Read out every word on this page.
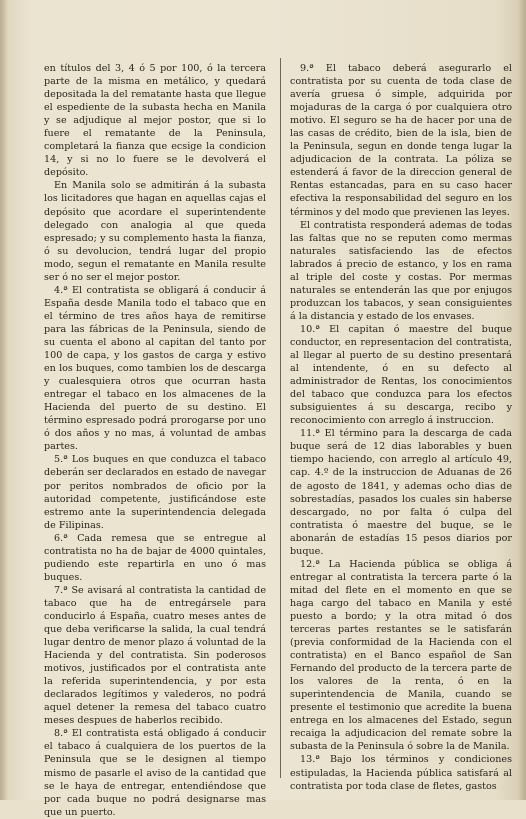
en títulos del 3, 4 ó 5 por 100, ó la tercera parte de la misma en metálico, y quedará depositada la del rematante hasta que llegue el espediente de la subasta hecha en Manila y se adjudique al mejor postor, que si lo fuere el rematante de la Peninsula, completará la fianza que ecsige la condicion 14, y si no lo fuere se le devolverá el depósito.

En Manila solo se admitirán á la subasta los licitadores que hagan en aquellas cajas el depósito que acordare el superintendente delegado con analogia al que queda espresado; y su complemento hasta la fianza, ó su devolucion, tendrá lugar del propio modo, segun el rematante en Manila resulte ser ó no ser el mejor postor.

4.ª El contratista se obligará á conducir á España desde Manila todo el tabaco que en el término de tres años haya de remitirse para las fábricas de la Peninsula, siendo de su cuenta el abono al capitan del tanto por 100 de capa, y los gastos de carga y estivo en los buques, como tambien los de descarga y cualesquiera otros que ocurran hasta entregar el tabaco en los almacenes de la Hacienda del puerto de su destino. El término espresado podrá prorogarse por uno ó dos años y no mas, á voluntad de ambas partes.

5.ª Los buques en que conduzca el tabaco deberán ser declarados en estado de navegar por peritos nombrados de oficio por la autoridad competente, justificándose este estremo ante la superintendencia delegada de Filipinas.

6.ª Cada remesa que se entregue al contratista no ha de bajar de 4000 quintales, pudiendo este repartirla en uno ó mas buques.

7.ª Se avisará al contratista la cantidad de tabaco que ha de entregársele para conducirlo á España, cuatro meses antes de que deba verificarse la salida, la cual tendrá lugar dentro de menor plazo á voluntad de la Hacienda y del contratista. Sin poderosos motivos, justificados por el contratista ante la referida superintendencia, y por esta declarados legítimos y valederos, no podrá aquel detener la remesa del tabaco cuatro meses despues de haberlos recibido.

8.ª El contratista está obligado á conducir el tabaco á cualquiera de los puertos de la Peninsula que se le designen al tiempo mismo de pasarle el aviso de la cantidad que se le haya de entregar, entendiéndose que por cada buque no podrá designarse mas que un puerto.

9.ª El tabaco deberá asegurarlo el contratista por su cuenta de toda clase de avería gruesa ó simple, adquirida por mojaduras de la carga ó por cualquiera otro motivo. El seguro se ha de hacer por una de las casas de crédito, bien de la isla, bien de la Peninsula, segun en donde tenga lugar la adjudicacion de la contrata. La póliza se estenderá á favor de la direccion general de Rentas estancadas, para en su caso hacer efectiva la responsabilidad del seguro en los términos y del modo que previenen las leyes.

El contratista responderá ademas de todas las faltas que no se reputen como mermas naturales satisfaciendo las de efectos labrados á precio de estanco, y los en rama al triple del coste y costas. Por mermas naturales se entenderán las que por enjugos produzcan los tabacos, y sean consiguientes á la distancia y estado de los envases.

10.ª El capitan ó maestre del buque conductor, en representacion del contratista, al llegar al puerto de su destino presentará al intendente, ó en su defecto al administrador de Rentas, los conocimientos del tabaco que conduzca para los efectos subsiguientes á su descarga, recibo y reconocimiento con arreglo á instruccion.

11.ª El término para la descarga de cada buque será de 12 dias laborables y buen tiempo haciendo, con arreglo al artículo 49, cap. 4.º de la instruccion de Aduanas de 26 de agosto de 1841, y ademas ocho dias de sobrestadías, pasados los cuales sin haberse descargado, no por falta ó culpa del contratista ó maestre del buque, se le abonarán de estadías 15 pesos diarios por buque.

12.ª La Hacienda pública se obliga á entregar al contratista la tercera parte ó la mitad del flete en el momento en que se haga cargo del tabaco en Manila y esté puesto a bordo; y la otra mitad ó dos terceras partes restantes se le satisfarán (previa conformidad de la Hacienda con el contratista) en el Banco español de San Fernando del producto de la tercera parte de los valores de la renta, ó en la superintendencia de Manila, cuando se presente el testimonio que acredite la buena entrega en los almacenes del Estado, segun recaiga la adjudicacion del remate sobre la subasta de la Peninsula ó sobre la de Manila.

13.ª Bajo los términos y condiciones estipuladas, la Hacienda pública satisfará al contratista por toda clase de fletes, gastos
